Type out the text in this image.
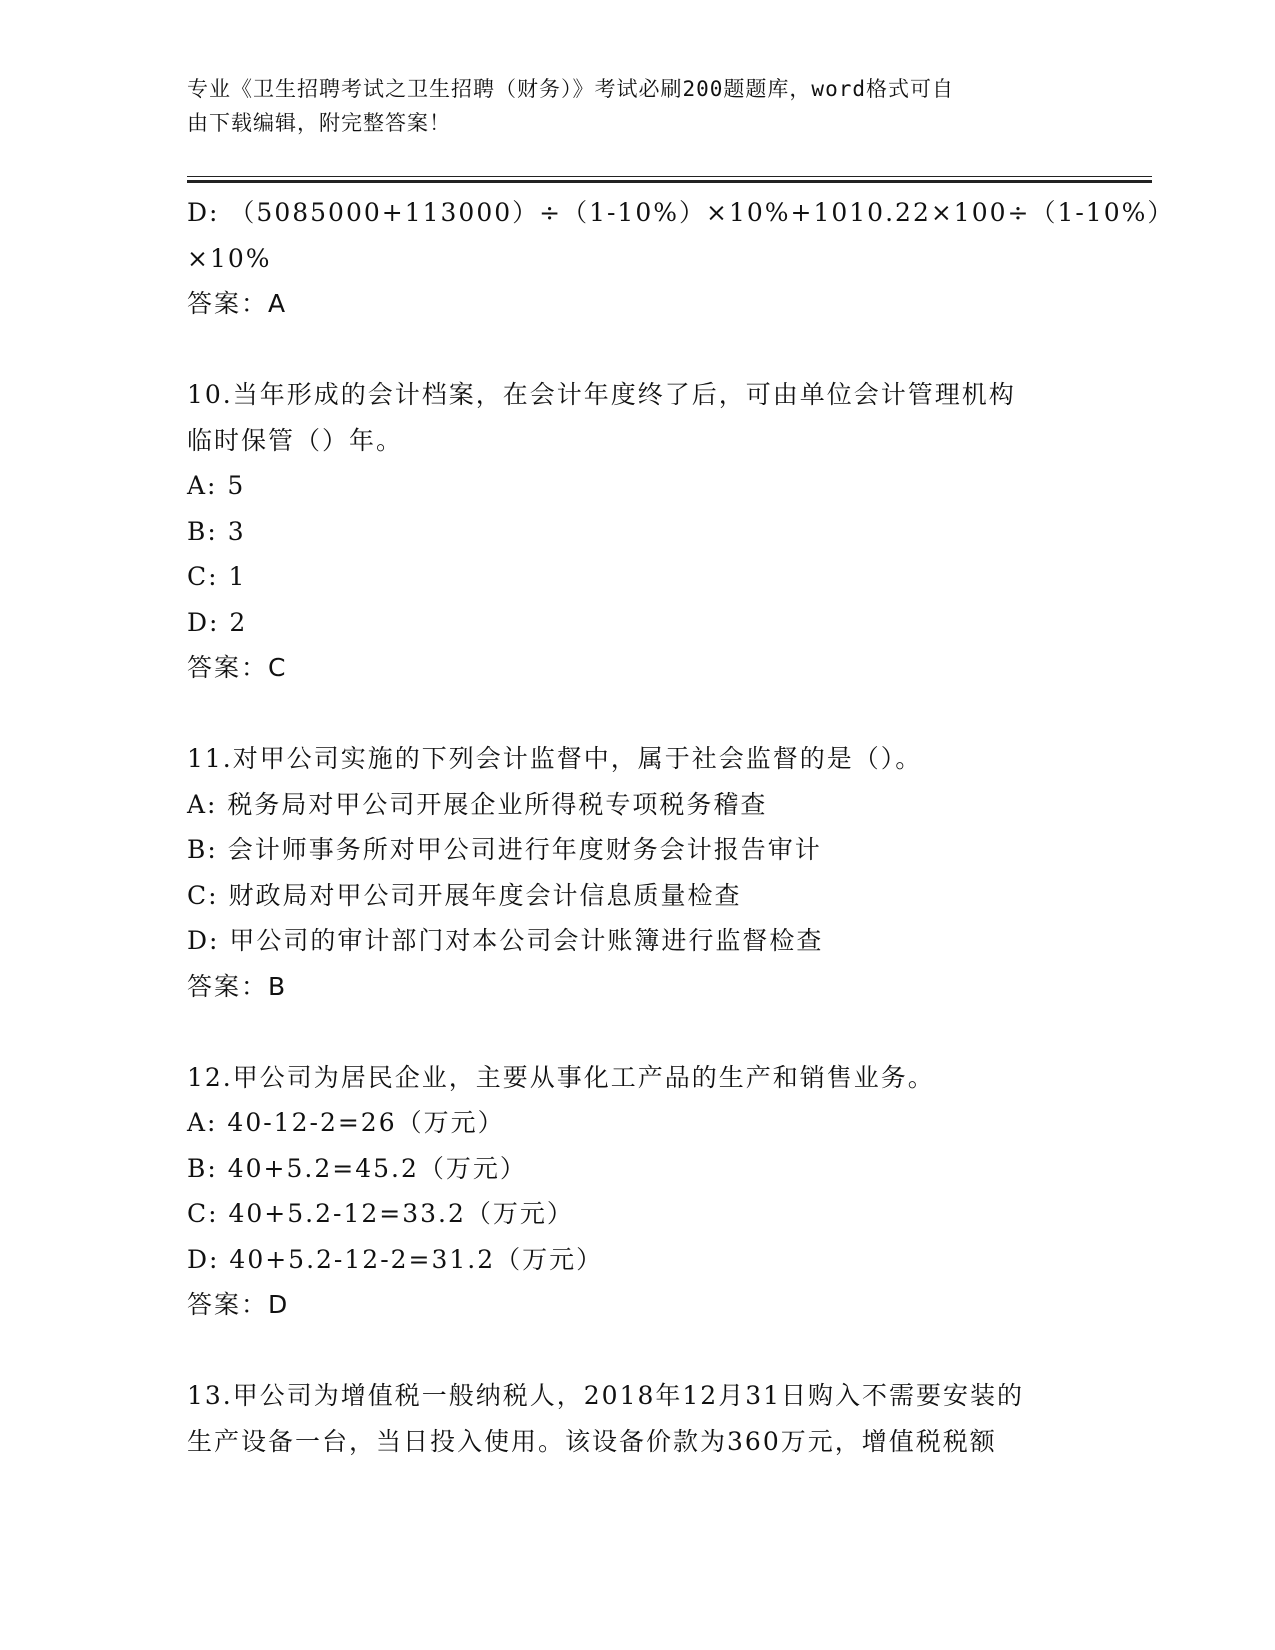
专业《卫生招聘考试之卫生招聘（财务）》考试必刷200题题库，word格式可自
由下载编辑，附完整答案！
D: （5085000+113000）÷（1-10%）×10%+1010.22×100÷（1-10%）
×10%
答案：A
10.当年形成的会计档案，在会计年度终了后，可由单位会计管理机构
临时保管（）年。
A: 5
B: 3
C: 1
D: 2
答案：C
11.对甲公司实施的下列会计监督中，属于社会监督的是（）。
A: 税务局对甲公司开展企业所得税专项税务稽查
B: 会计师事务所对甲公司进行年度财务会计报告审计
C: 财政局对甲公司开展年度会计信息质量检查
D: 甲公司的审计部门对本公司会计账簿进行监督检查
答案：B
12.甲公司为居民企业，主要从事化工产品的生产和销售业务。
A: 40-12-2=26（万元）
B: 40+5.2=45.2（万元）
C: 40+5.2-12=33.2（万元）
D: 40+5.2-12-2=31.2（万元）
答案：D
13.甲公司为增值税一般纳税人，2018年12月31日购入不需要安装的
生产设备一台，当日投入使用。该设备价款为360万元，增值税税额
